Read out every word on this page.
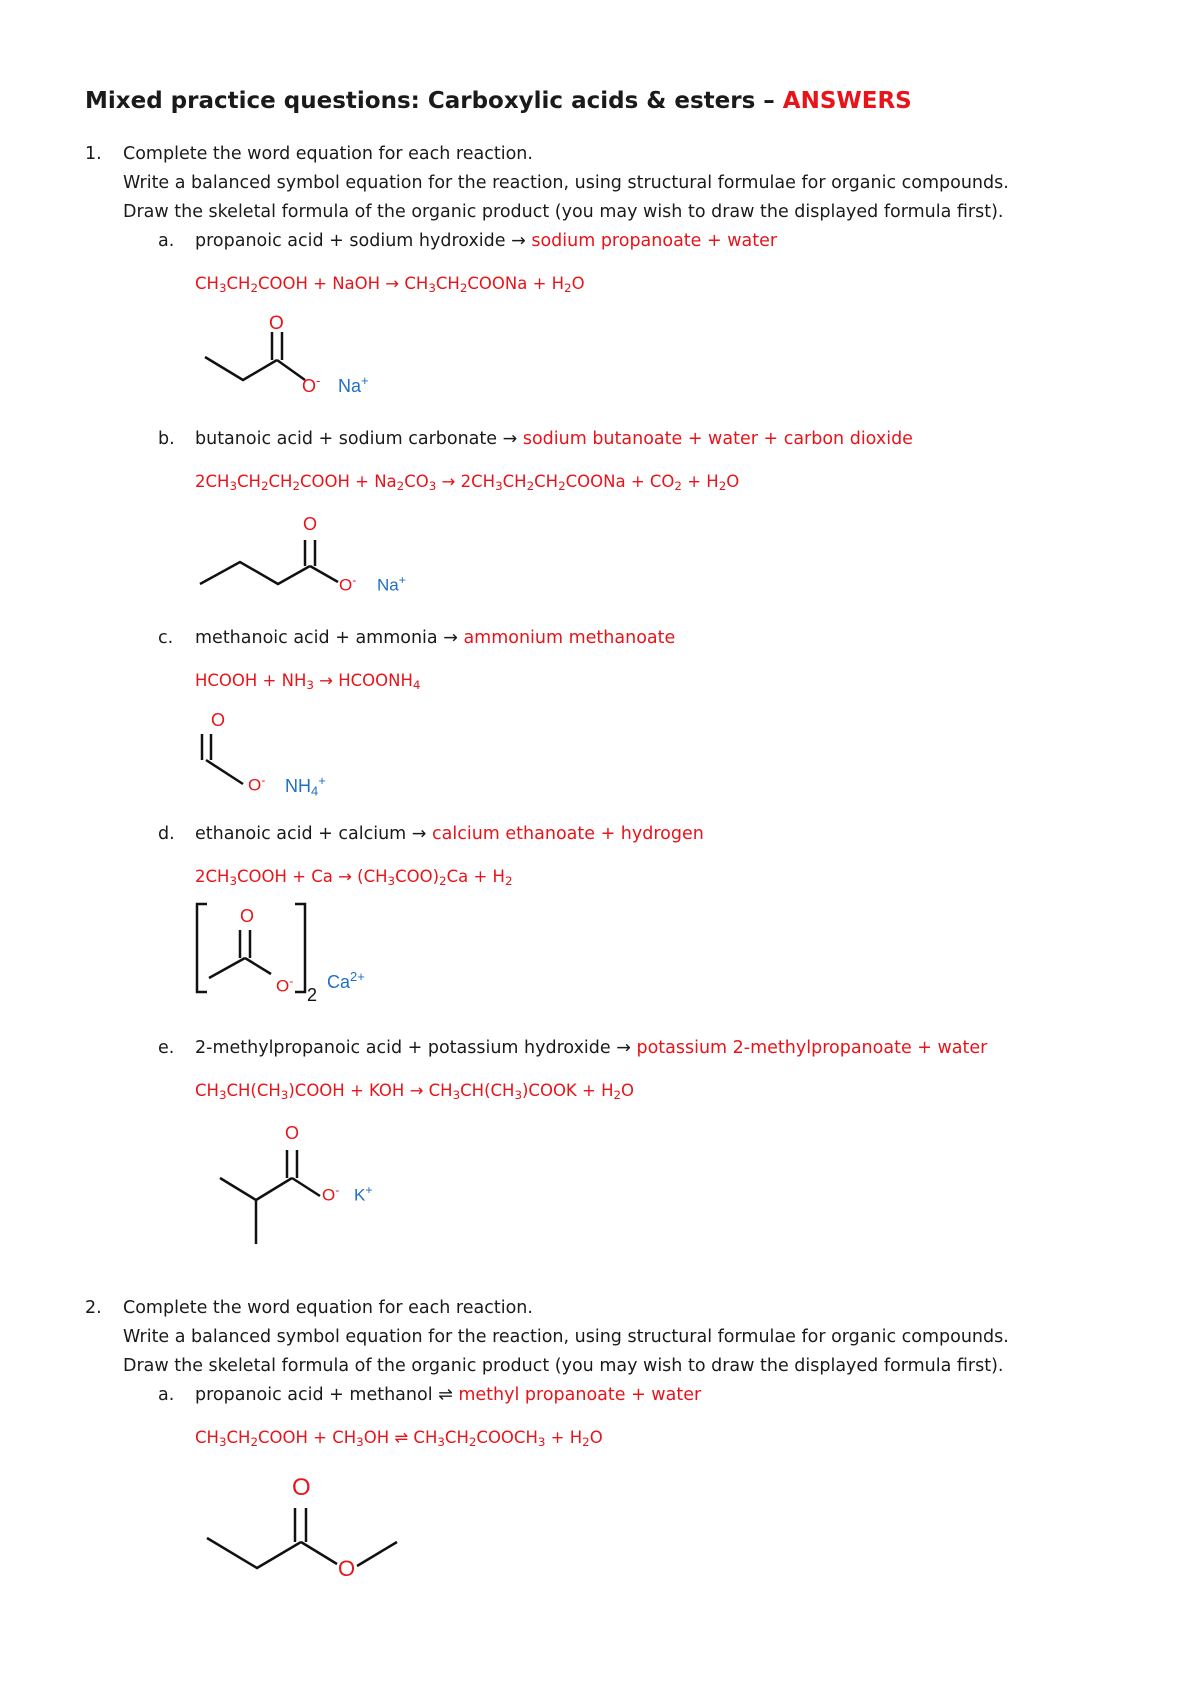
Mixed practice questions: Carboxylic acids & esters – ANSWERS
1. Complete the word equation for each reaction.
Write a balanced symbol equation for the reaction, using structural formulae for organic compounds.
Draw the skeletal formula of the organic product (you may wish to draw the displayed formula first).
a. propanoic acid + sodium hydroxide → sodium propanoate + water
$CH_3CH_2COOH$ + NaOH → $CH_3CH_2COONa + H_2O$
O
O- Na+
b. butanoic acid + sodium carbonate → sodium butanoate + water + carbon dioxide
$2CH_3CH_2CH_2COOH + Na_2CO_3$ → $2CH_3CH_2CH_2COONa + CO_2 + H_2O$
O
O- Na+
c. methanoic acid + ammonia → ammonium methanoate
HCOOH + $NH_3$ → $HCOONH_4$
O
O- $NH_4^+$
d. ethanoic acid + calcium → calcium ethanoate + hydrogen
$2CH_3COOH + Ca \to (CH_3COO)_2Ca + H_2$
O
O-
2
$Ca^{2+}$
e. 2-methylpropanoic acid + potassium hydroxide → potassium 2-methylpropanoate + water
$CH_3CH(CH_3)COOH$ + KOH → $CH_3CH(CH_3)COOK + H_2O$
O
O- K+
2. Complete the word equation for each reaction.
Write a balanced symbol equation for the reaction, using structural formulae for organic compounds.
Draw the skeletal formula of the organic product (you may wish to draw the displayed formula first).
a. propanoic acid + methanol ⇌ methyl propanoate + water
$CH_3CH_2COOH + CH_3OH$ ⇌ $CH_3CH_2COOCH_3 + H_2O$
O
O
